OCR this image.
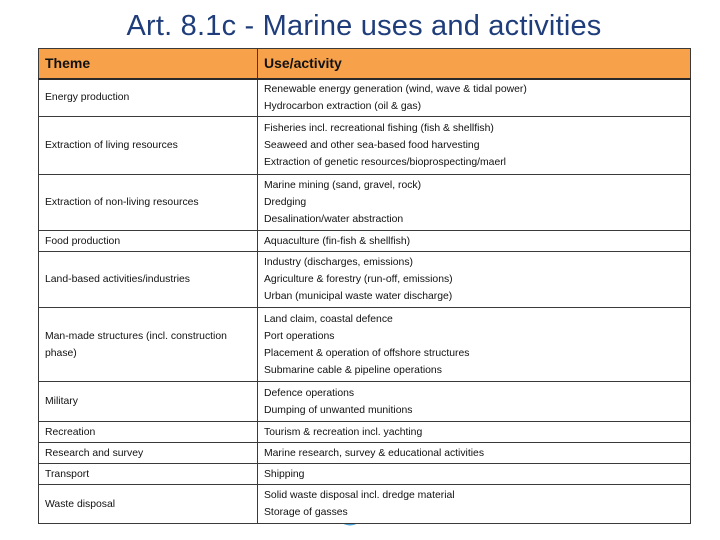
Art. 8.1c - Marine uses and activities
Theme	Use/activity

Energy production	Renewable energy generation (wind, wave & tidal power)
Hydrocarbon extraction (oil & gas)

Extraction of living resources	Fisheries incl. recreational fishing (fish & shellfish)
Seaweed and other sea-based food harvesting
Extraction of genetic resources/bioprospecting/maerl

Extraction of non-living resources	Marine mining (sand, gravel, rock)
Dredging
Desalination/water abstraction

Food production	Aquaculture (fin-fish & shellfish)

Land-based activities/industries	Industry (discharges, emissions)
Agriculture & forestry (run-off, emissions)
Urban (municipal waste water discharge)

Man-made structures (incl. construction phase)	Land claim, coastal defence
Port operations
Placement & operation of offshore structures
Submarine cable & pipeline operations

Military	Defence operations
Dumping of unwanted munitions

Recreation	Tourism & recreation incl. yachting

Research and survey	Marine research, survey & educational activities

Transport	Shipping

Waste disposal	Solid waste disposal incl. dredge material
Storage of gasses
